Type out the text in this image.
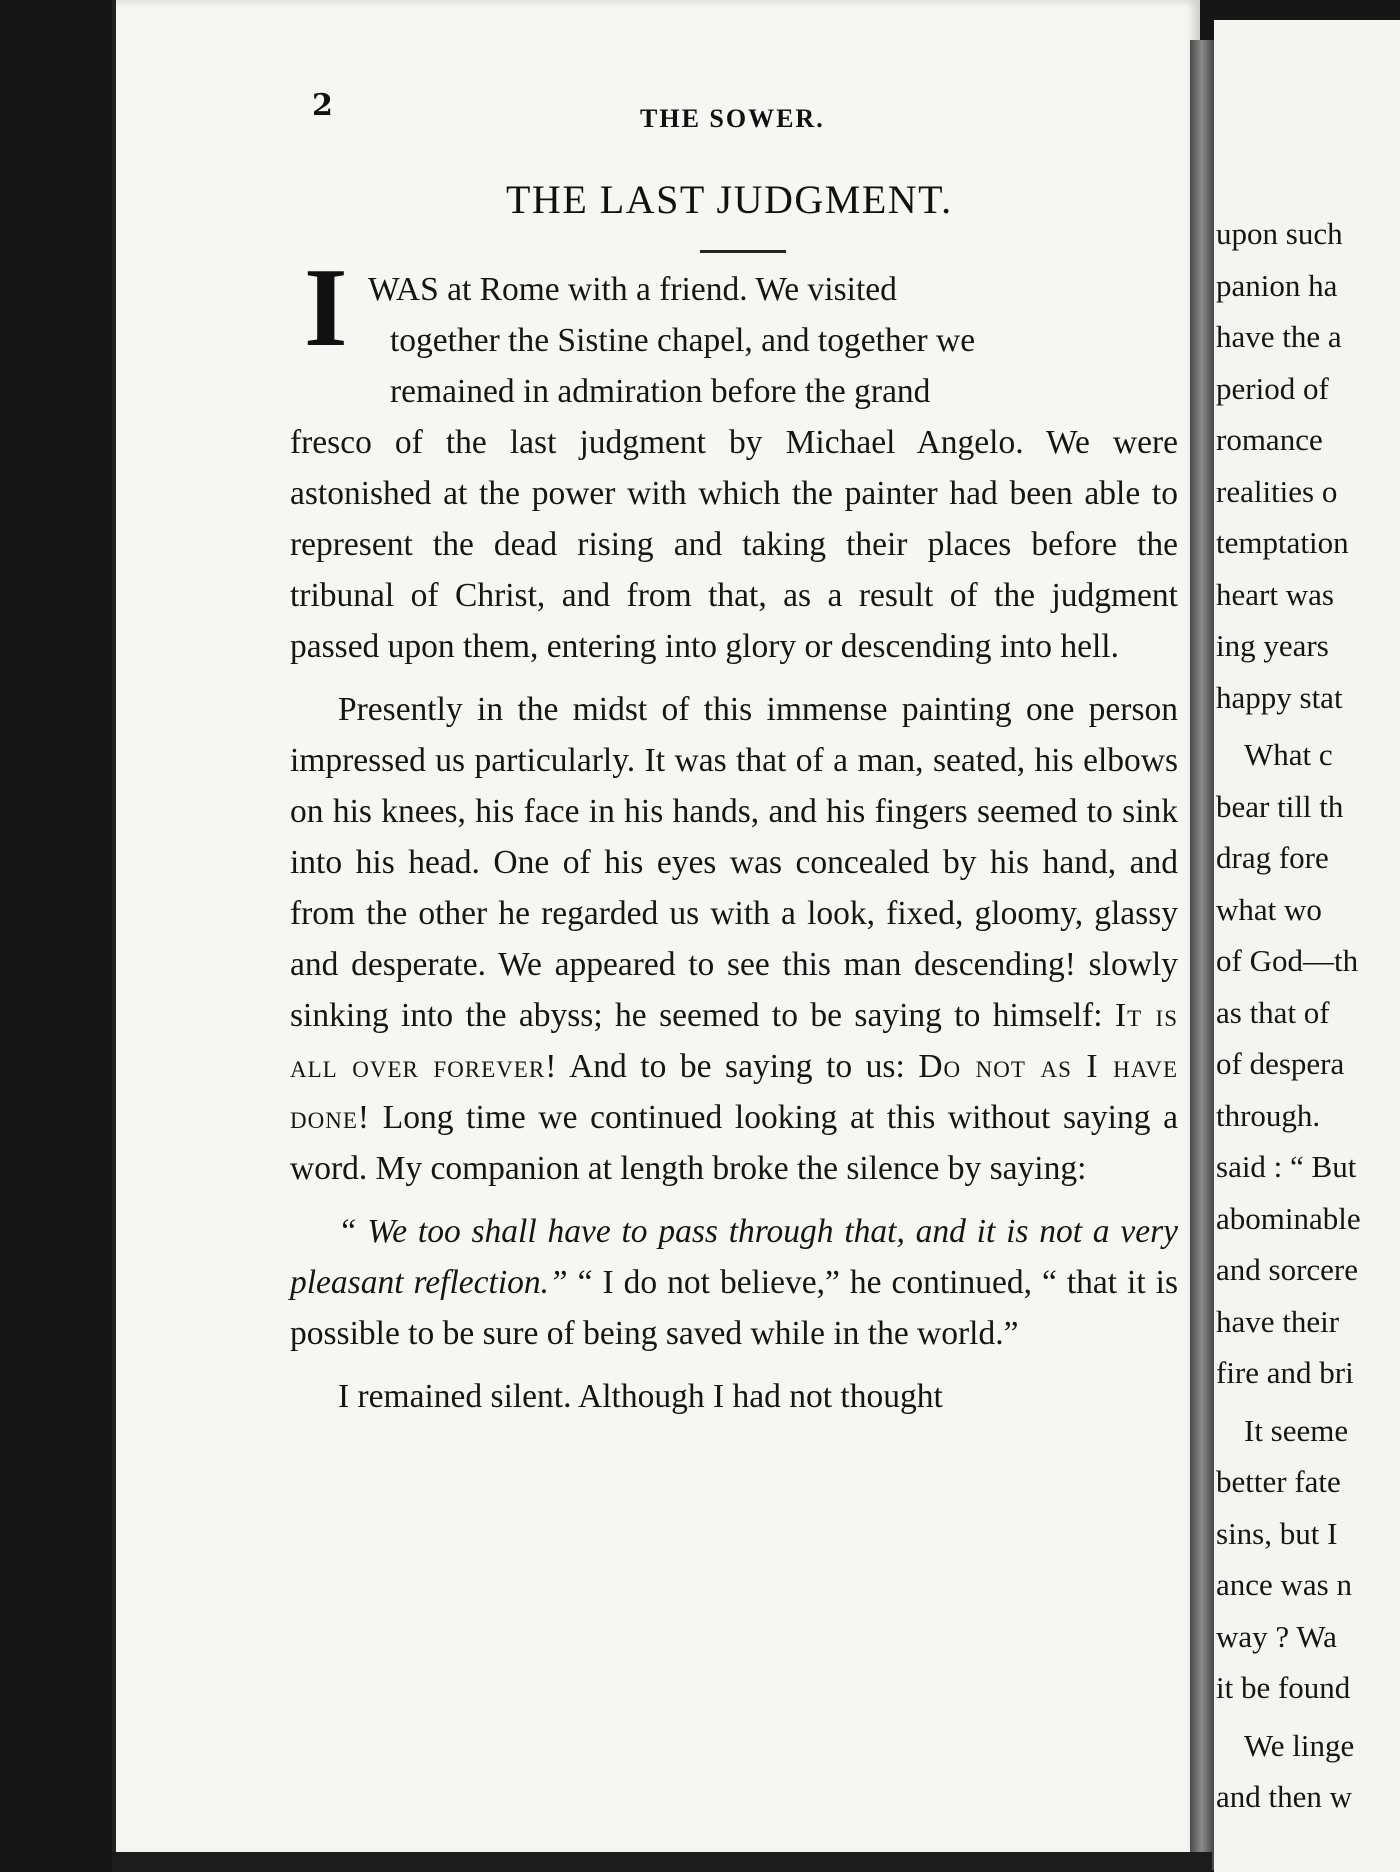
2	THE SOWER.
THE LAST JUDGMENT.
I WAS at Rome with a friend. We visited

together the Sistine chapel, and together we

remained in admiration before the grand

fresco of the last judgment by Michael Angelo. We were astonished at the power with which the painter had been able to represent the dead rising and taking their places before the tribunal of Christ, and from that, as a result of the judgment passed upon them, entering into glory or descending into hell.

Presently in the midst of this immense painting one person impressed us particularly. It was that of a man, seated, his elbows on his knees, his face in his hands, and his fingers seemed to sink into his head. One of his eyes was concealed by his hand, and from the other he regarded us with a look, fixed, gloomy, glassy and desperate. We appeared to see this man descending! slowly sinking into the abyss; he seemed to be saying to himself: It is all over forever! And to be saying to us: Do not as I have done! Long time we continued looking at this without saying a word. My companion at length broke the silence by saying:

“ We too shall have to pass through that, and it is not a very pleasant reflection.” “ I do not believe,” he continued, “ that it is possible to be sure of being saved while in the world.”

I remained silent. Although I had not thought

upon such
panion ha
have the a
period of
romance
realities o
temptation
heart was
ing years
happy stat
What c
bear till th
drag fore
what wo
of God—th
as that of
of despera
through.
said : “ But
abominable
and sorcere
have their
fire and bri
It seeme
better fate
sins, but I
ance was n
way ? Wa
it be found
We linge
and then w
